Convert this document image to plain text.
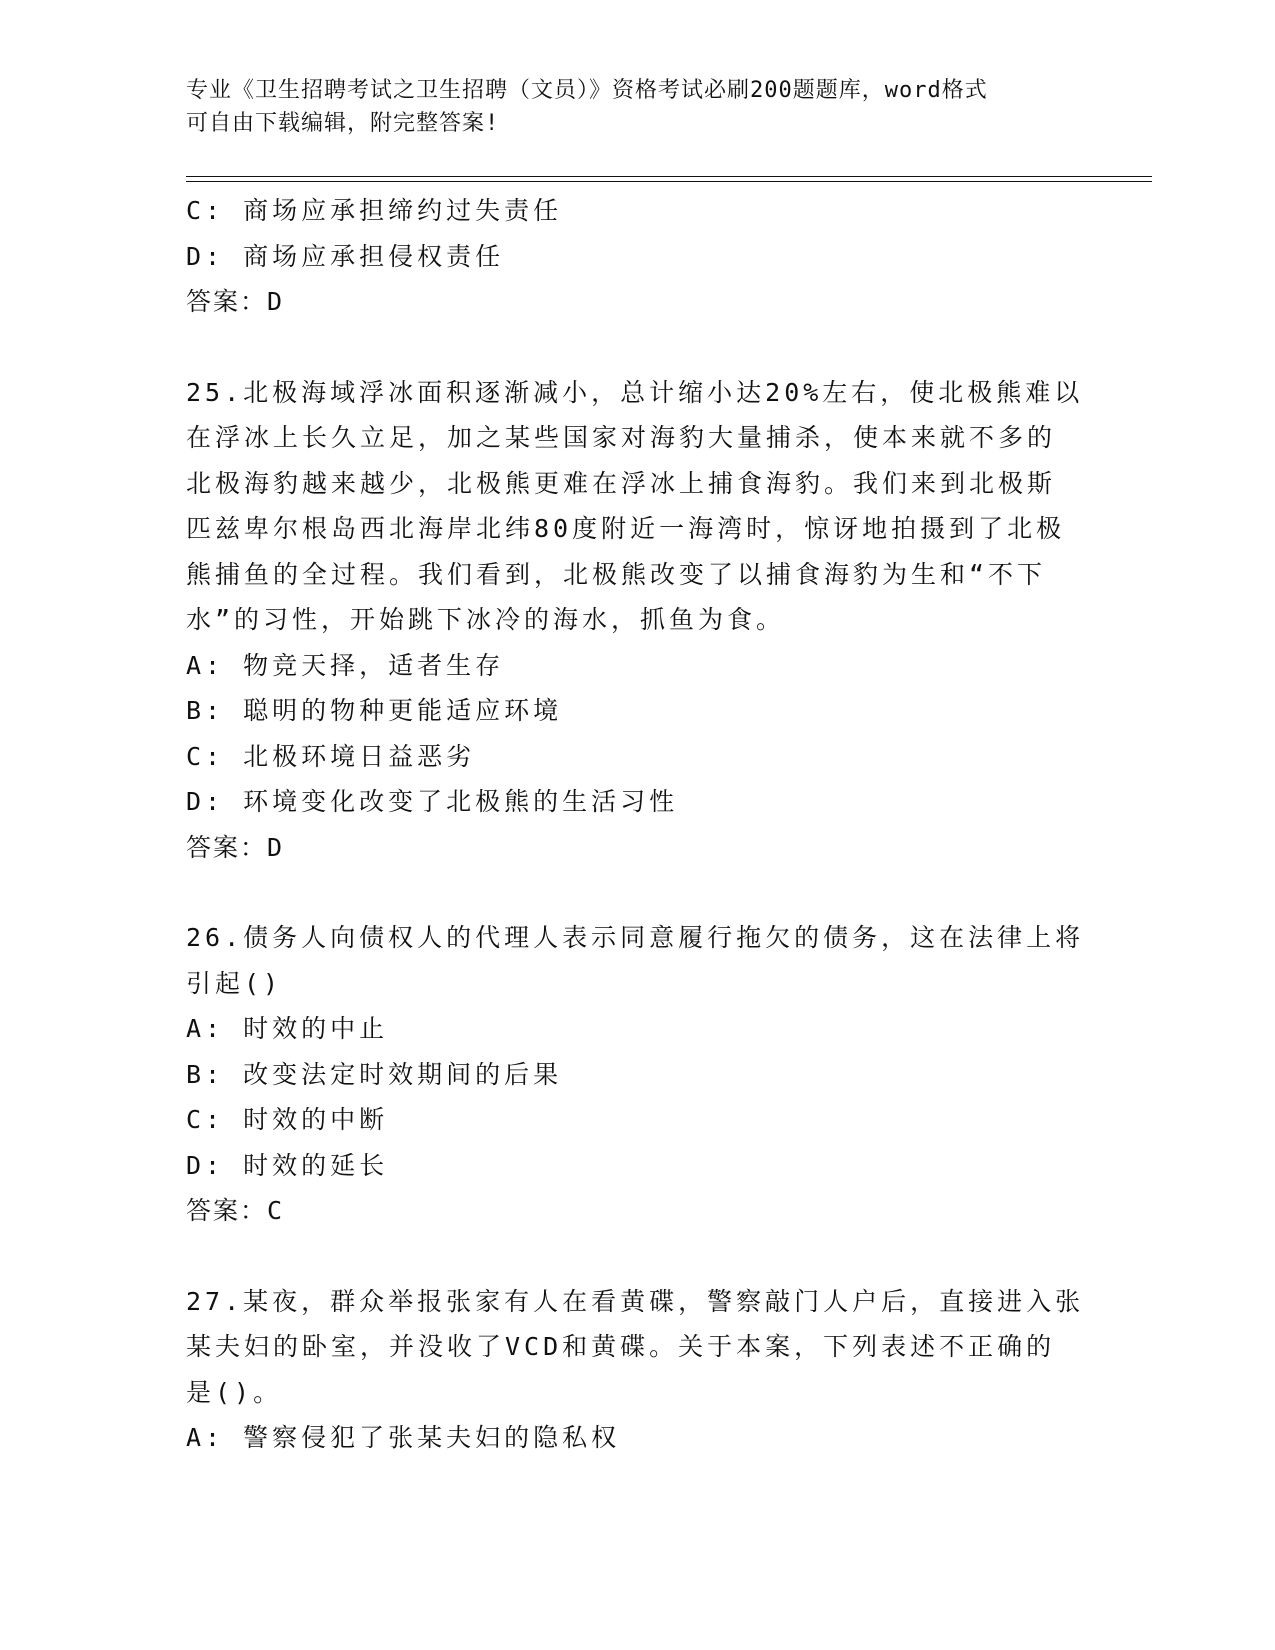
专业《卫生招聘考试之卫生招聘（文员）》资格考试必刷200题题库，word格式
可自由下载编辑，附完整答案!
C: 商场应承担缔约过失责任
D: 商场应承担侵权责任
答案：D
25.北极海域浮冰面积逐渐减小，总计缩小达20%左右，使北极熊难以
在浮冰上长久立足，加之某些国家对海豹大量捕杀，使本来就不多的
北极海豹越来越少，北极熊更难在浮冰上捕食海豹。我们来到北极斯
匹兹卑尔根岛西北海岸北纬80度附近一海湾时，惊讶地拍摄到了北极
熊捕鱼的全过程。我们看到，北极熊改变了以捕食海豹为生和“不下
水”的习性，开始跳下冰冷的海水，抓鱼为食。
A: 物竞天择，适者生存
B: 聪明的物种更能适应环境
C: 北极环境日益恶劣
D: 环境变化改变了北极熊的生活习性
答案：D
26.债务人向债权人的代理人表示同意履行拖欠的债务，这在法律上将
引起()
A: 时效的中止
B: 改变法定时效期间的后果
C: 时效的中断
D: 时效的延长
答案：C
27.某夜，群众举报张家有人在看黄碟，警察敲门人户后，直接进入张
某夫妇的卧室，并没收了VCD和黄碟。关于本案，下列表述不正确的
是()。
A: 警察侵犯了张某夫妇的隐私权
